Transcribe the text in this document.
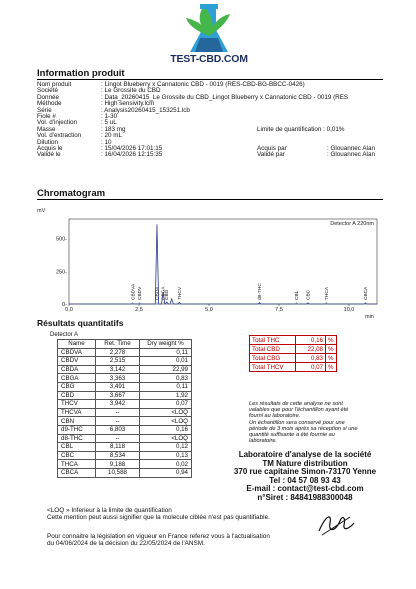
TEST-CBD.COM
Information produit
Nom produit	: Lingot Blueberry x Cannatonic CBD - 0019 (RES-CBD-BG-BBCC-0426)
Société	: Le Grossite du CBD
Donnée	: Data_20260415_Le Grossite du CBD_Lingot Blueberry x Cannatonic CBD - 0019 (RES
Méthode	: High sensivity.lcm
Série	: Analysis20260415_153251.lcb
Fiole #	: 1-30
Vol. d'injection	: 5 uL
Masse	: 183 mg	Limite de quantification : 0,01%
Vol. d'extraction	: 20 mL
Dilution	: 10
Acquis le	: 15/04/2026 17:01:15	Acquis par	: Glouannec Alan
Validé le	: 16/04/2026 12:15:35	Validé par	: Glouannec Alan
Chromatogram
mV
Detector A 220nm
min
500-
250-
0-
0,0	2,5	5,0	7,5	10,0
CBDVA CBDV	CBDA CBGA
CBG THCV	d9-THC	CBL CBC	THCA	CBCA
Résultats quantitatifs
Detector A
Name	Ret. Time	Dry weight %
CBDVA	2,278	0,11
CBDV	2,515	0,01
CBDA	3,142	22,99
CBGA	3,363	0,83
CBG	3,491	0,11
CBD	3,667	1,92
THCV	3,942	0,07
THCVA	--	<LOQ
CBN	--	<LOQ
d9-THC	6,803	0,16
d8-THC	--	<LOQ
CBL	8,118	0,12
CBC	8,534	0,13
THCA	9,188	0,02
CBCA	10,588	0,94
Total THC	0,16	%
Total CBD	22,08	%
Total CBG	0,83	%
Total THCV	0,07	%
Les résultats de cette analyse ne sont
valables que pour l'échantillon ayant été
fourni au laboratoire.
Un échantillon sera conservé pour une
période de 3 mois après sa réception si une
quantité suffisante a été fournie au
laboratoire.
Laboratoire d'analyse de la société
TM Nature distribution
370 rue capitaine Simon-73170 Yenne
Tel : 04 57 08 93 43
E-mail : contact@test-cbd.com
n°Siret : 84841988300048
<LOQ » Inferieur à la limite de quantification
Cette mention peut aussi signifier que la molecule ciblée n'est pas quantifiable.
Pour connaitre la législation en vigueur en France referez vous à l'actualisation
du 04/06/2024 de la décision du 22/05/2024 de l'ANSM.
